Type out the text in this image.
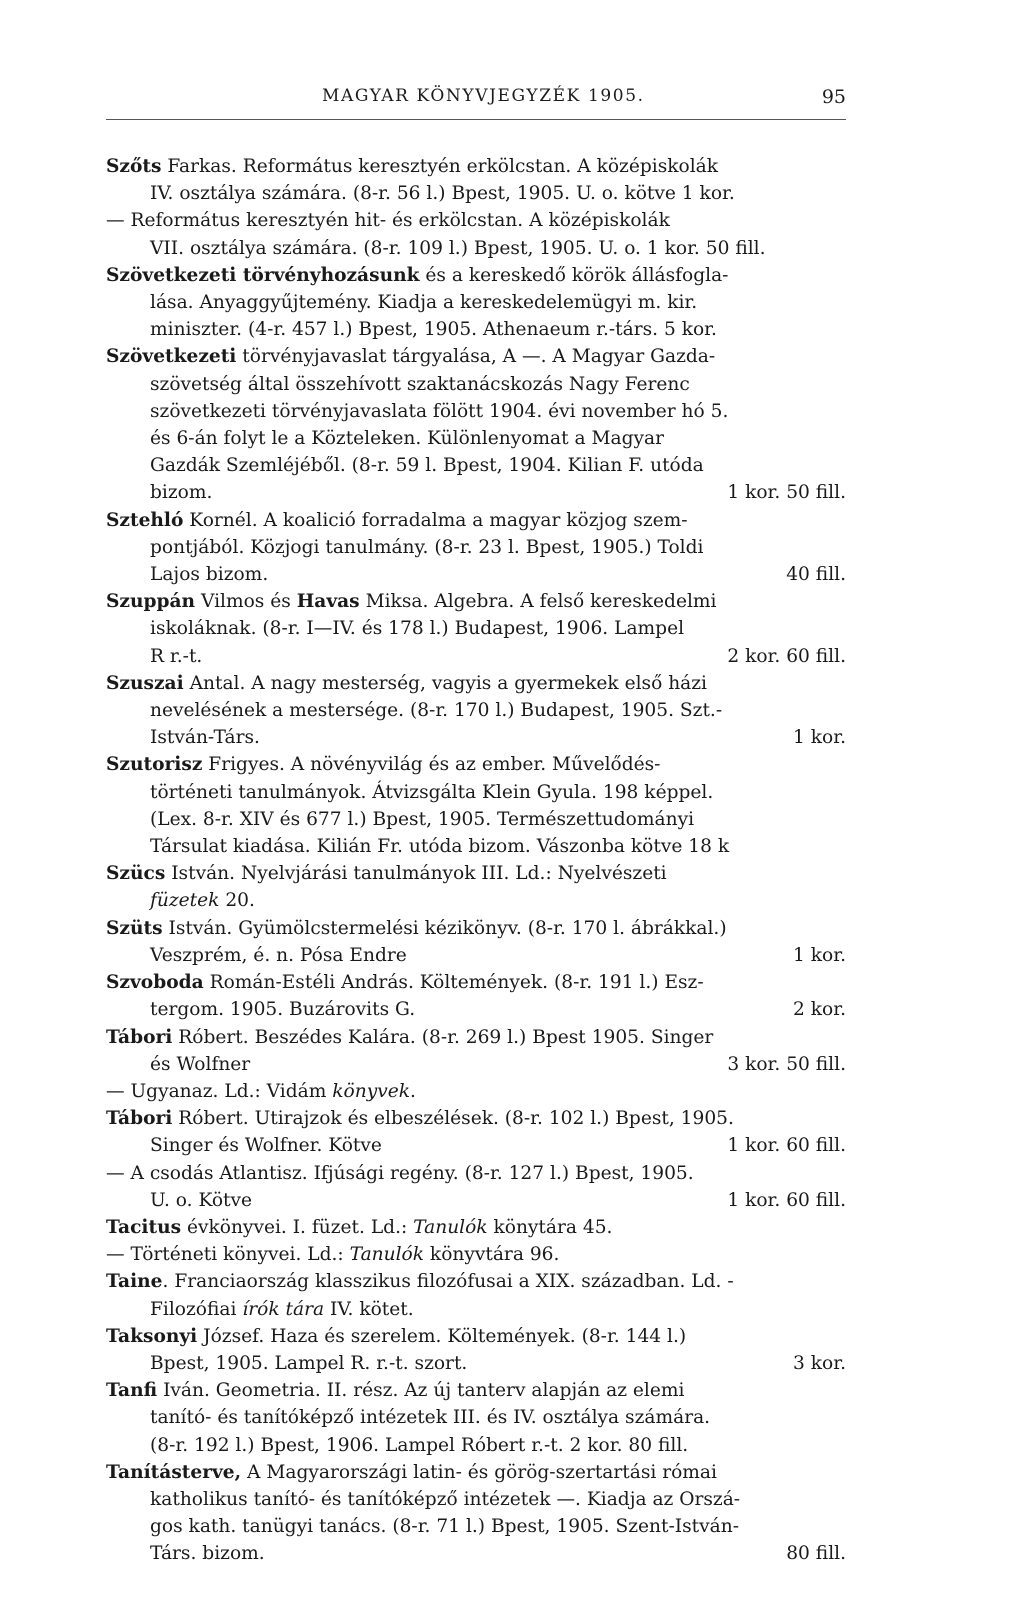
MAGYAR KÖNYVJEGYZÉK 1905.	95
Szőts Farkas. Református keresztyén erkölcstan. A középiskolák
IV. osztálya számára. (8-r. 56 l.) Bpest, 1905. U. o. kötve 1 kor.
— Református keresztyén hit- és erkölcstan. A középiskolák
VII. osztálya számára. (8-r. 109 l.) Bpest, 1905. U. o. 1 kor. 50 fill.
Szövetkezeti törvényhozásunk és a kereskedő körök állásfogla-
lása. Anyaggyűjtemény. Kiadja a kereskedelemügyi m. kir.
miniszter. (4-r. 457 l.) Bpest, 1905. Athenaeum r.-társ. 5 kor.
Szövetkezeti törvényjavaslat tárgyalása, A —. A Magyar Gazda-
szövetség által összehívott szaktanácskozás Nagy Ferenc
szövetkezeti törvényjavaslata fölött 1904. évi november hó 5.
és 6-án folyt le a Közteleken. Különlenyomat a Magyar
Gazdák Szemléjéből. (8-r. 59 l. Bpest, 1904. Kilian F. utóda
1 kor. 50 fill.
bizom.
Sztehló Kornél. A koalició forradalma a magyar közjog szem-
pontjából. Közjogi tanulmány. (8-r. 23 l. Bpest, 1905.) Toldi
40 fill.
Lajos bizom.
Szuppán Vilmos és Havas Miksa. Algebra. A felső kereskedelmi
iskoláknak. (8-r. I—IV. és 178 l.) Budapest, 1906. Lampel
2 kor. 60 fill.
R r.-t.
Szuszai Antal. A nagy mesterség, vagyis a gyermekek első házi
nevelésének a mestersége. (8-r. 170 l.) Budapest, 1905. Szt.-
1 kor.
István-Társ.
Szutorisz Frigyes. A növényvilág és az ember. Művelődés-
történeti tanulmányok. Átvizsgálta Klein Gyula. 198 képpel.
(Lex. 8-r. XIV és 677 l.) Bpest, 1905. Természettudományi
Társulat kiadása. Kilián Fr. utóda bizom. Vászonba kötve 18 k
Szücs István. Nyelvjárási tanulmányok III. Ld.: Nyelvészeti
füzetek 20.
Szüts István. Gyümölcstermelési kézikönyv. (8-r. 170 l. ábrákkal.)
1 kor.
Veszprém, é. n. Pósa Endre
Szvoboda Román-Estéli András. Költemények. (8-r. 191 l.) Esz-
2 kor.
tergom. 1905. Buzárovits G.
Tábori Róbert. Beszédes Kalára. (8-r. 269 l.) Bpest 1905. Singer
3 kor. 50 fill.
és Wolfner
— Ugyanaz. Ld.: Vidám könyvek.
Tábori Róbert. Utirajzok és elbeszélések. (8-r. 102 l.) Bpest, 1905.
1 kor. 60 fill.
Singer és Wolfner. Kötve
— A csodás Atlantisz. Ifjúsági regény. (8-r. 127 l.) Bpest, 1905.
1 kor. 60 fill.
U. o. Kötve
Tacitus évkönyvei. I. füzet. Ld.: Tanulók könytára 45.
— Történeti könyvei. Ld.: Tanulók könyvtára 96.
Taine. Franciaország klasszikus filozófusai a XIX. században. Ld. -
Filozófiai írók tára IV. kötet.
Taksonyi József. Haza és szerelem. Költemények. (8-r. 144 l.)
3 kor.
Bpest, 1905. Lampel R. r.-t. szort.
Tanfi Iván. Geometria. II. rész. Az új tanterv alapján az elemi
tanító- és tanítóképző intézetek III. és IV. osztálya számára.
(8-r. 192 l.) Bpest, 1906. Lampel Róbert r.-t. 2 kor. 80 fill.
Tanításterve, A Magyarországi latin- és görög-szertartási római
katholikus tanító- és tanítóképző intézetek —. Kiadja az Orszá-
gos kath. tanügyi tanács. (8-r. 71 l.) Bpest, 1905. Szent-István-
80 fill.
Társ. bizom.
